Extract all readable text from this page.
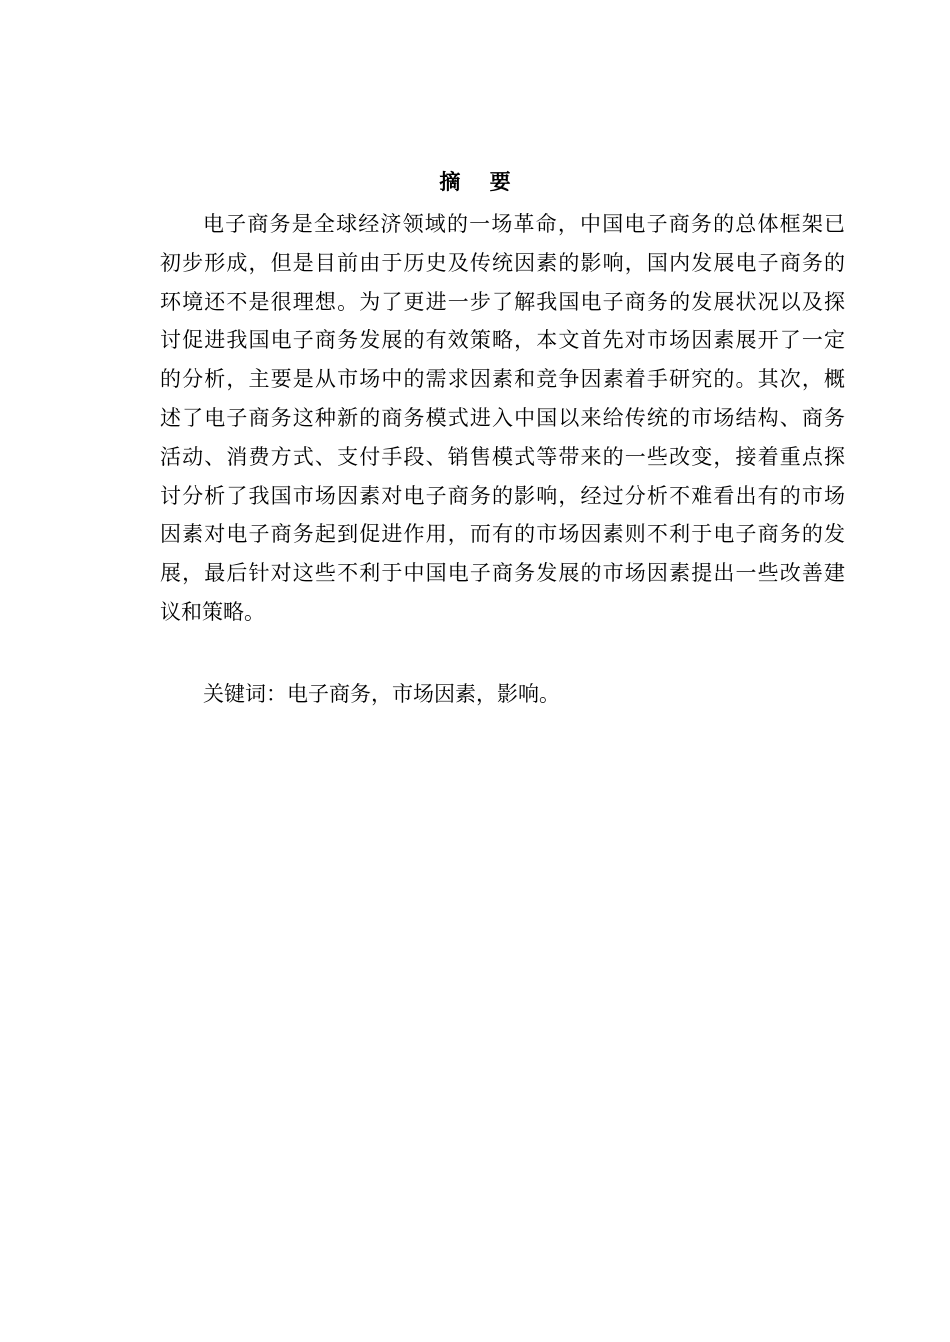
摘    要
电子商务是全球经济领域的一场革命，中国电子商务的总体框架已
初步形成，但是目前由于历史及传统因素的影响，国内发展电子商务的
环境还不是很理想。为了更进一步了解我国电子商务的发展状况以及探
讨促进我国电子商务发展的有效策略，本文首先对市场因素展开了一定
的分析，主要是从市场中的需求因素和竞争因素着手研究的。其次，概
述了电子商务这种新的商务模式进入中国以来给传统的市场结构、商务
活动、消费方式、支付手段、销售模式等带来的一些改变，接着重点探
讨分析了我国市场因素对电子商务的影响，经过分析不难看出有的市场
因素对电子商务起到促进作用，而有的市场因素则不利于电子商务的发
展，最后针对这些不利于中国电子商务发展的市场因素提出一些改善建
议和策略。
关键词：电子商务，市场因素，影响。
